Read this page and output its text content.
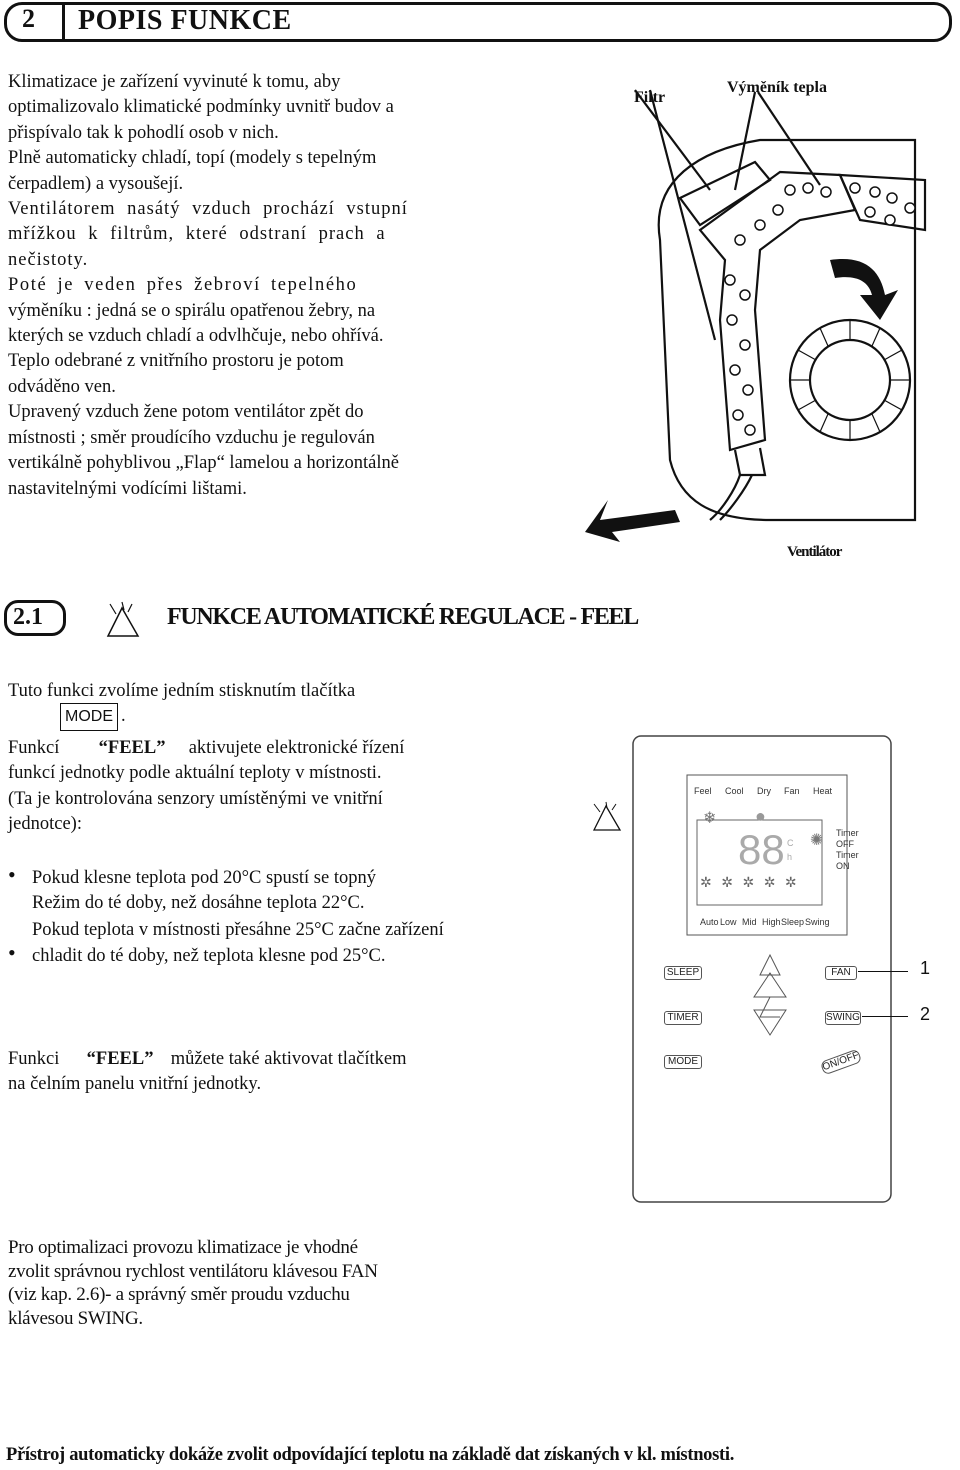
2 POPIS FUNKCE

Klimatizace je zařízení vyvinuté k tomu, aby

optimalizovalo klimatické podmínky uvnitř budov a

přispívalo tak k pohodlí osob v nich.

Plně automaticky chladí, topí (modely s tepelným

čerpadlem) a vysoušejí.

Ventilátorem nasátý vzduch prochází vstupní

mřížkou k filtrům, které odstraní prach a

nečistoty.

Poté je veden přes žebroví tepelného

výměníku : jedná se o spirálu opatřenou žebry, na

kterých se vzduch chladí a odvlhčuje, nebo ohřívá.

Teplo odebrané z vnitřního prostoru je potom

odváděno ven.

Upravený vzduch žene potom ventilátor zpět do

místnosti ; směr proudícího vzduchu je regulován

vertikálně pohyblivou „Flap“ lamelou a horizontálně

nastavitelnými vodícími lištami.

Filtr
Výměník tepla
Ventilátor
2.1	FUNKCE AUTOMATICKÉ REGULACE - FEEL
Tuto funkci zvolíme jedním stisknutím tlačítka
MODE .
Funkcí  “FEEL”  aktivujete elektronické řízení
funkcí jednotky podle aktuální teploty v místnosti.
(Ta je kontrolována senzory umístěnými ve vnitřní
jednotce):
• Pokud klesne teplota pod 20°C spustí se topný
Režim do té doby, než dosáhne teplota 22°C.
Pokud teplota v místnosti přesáhne 25°C začne zařízení
• chladit do té doby, než teplota klesne pod 25°C.
Funkci  “FEEL”  můžete také aktivovat tlačítkem
na čelním panelu vnitřní jednotky.
Feel Cool Dry Fan Heat
❄ ●
✺
88 C
h
Timer
OFF
Timer
ON
✲ ✲ ✲ ✲ ✲
Auto Low Mid High Sleep Swing
SLEEP	FAN
TIMER	SWING
MODE	ON/OFF
1
2
Pro optimalizaci provozu klimatizace je vhodné
zvolit správnou rychlost ventilátoru klávesou FAN
(viz kap. 2.6)- a správný směr proudu vzduchu
klávesou SWING.
Přístroj automaticky dokáže zvolit odpovídající teplotu na základě dat získaných v kl. místnosti.
